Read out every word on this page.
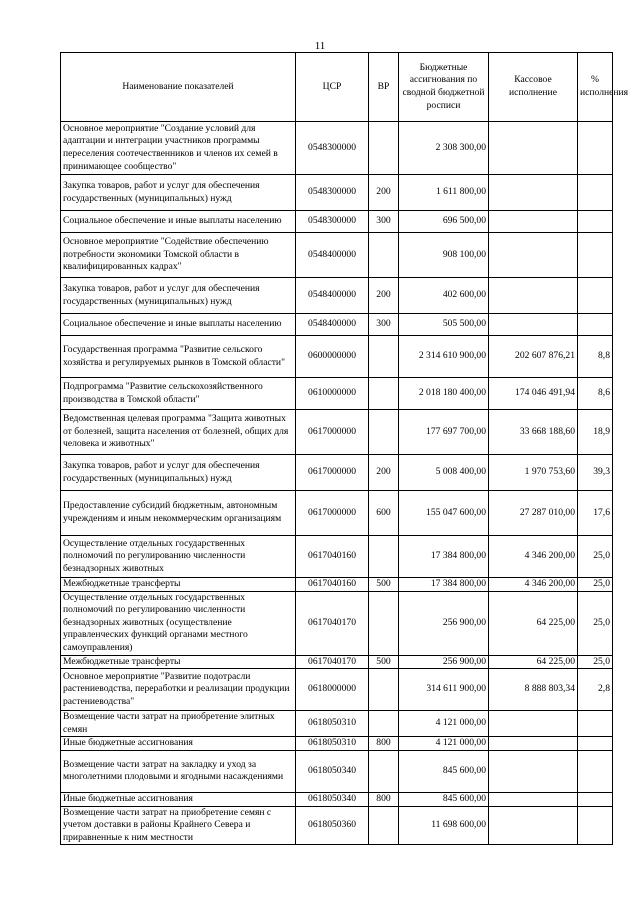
11
Наименование показателей	ЦСР	ВР	Бюджетные ассигнования по сводной бюджетной росписи	Кассовое исполнение	% исполнения
Основное мероприятие "Создание условий для адаптации и интеграции участников программы переселения соотечественников и членов их семей в принимающее сообщество"	0548300000		2 308 300,00		
Закупка товаров, работ и услуг для обеспечения государственных (муниципальных) нужд	0548300000	200	1 611 800,00		
Социальное обеспечение и иные выплаты населению	0548300000	300	696 500,00		
Основное мероприятие "Содействие обеспечению потребности экономики Томской области в квалифицированных кадрах"	0548400000		908 100,00		
Закупка товаров, работ и услуг для обеспечения государственных (муниципальных) нужд	0548400000	200	402 600,00		
Социальное обеспечение и иные выплаты населению	0548400000	300	505 500,00		
Государственная программа "Развитие сельского хозяйства и регулируемых рынков в Томской области"	0600000000		2 314 610 900,00	202 607 876,21	8,8
Подпрограмма "Развитие сельскохозяйственного производства в Томской области"	0610000000		2 018 180 400,00	174 046 491,94	8,6
Ведомственная целевая программа "Защита животных от болезней, защита населения от болезней, общих для человека и животных"	0617000000		177 697 700,00	33 668 188,60	18,9
Закупка товаров, работ и услуг для обеспечения государственных (муниципальных) нужд	0617000000	200	5 008 400,00	1 970 753,60	39,3
Предоставление субсидий бюджетным, автономным учреждениям и иным некоммерческим организациям	0617000000	600	155 047 600,00	27 287 010,00	17,6
Осуществление отдельных государственных полномочий по регулированию численности безнадзорных животных	0617040160		17 384 800,00	4 346 200,00	25,0
Межбюджетные трансферты	0617040160	500	17 384 800,00	4 346 200,00	25,0
Осуществление отдельных государственных полномочий по регулированию численности безнадзорных животных (осуществление управленческих функций органами местного самоуправления)	0617040170		256 900,00	64 225,00	25,0
Межбюджетные трансферты	0617040170	500	256 900,00	64 225,00	25,0
Основное мероприятие "Развитие подотрасли растениеводства, переработки и реализации продукции растениеводства"	0618000000		314 611 900,00	8 888 803,34	2,8
Возмещение части затрат на приобретение элитных семян	0618050310		4 121 000,00		
Иные бюджетные ассигнования	0618050310	800	4 121 000,00		
Возмещение части затрат на закладку и уход за многолетними плодовыми и ягодными насаждениями	0618050340		845 600,00		
Иные бюджетные ассигнования	0618050340	800	845 600,00		
Возмещение части затрат на приобретение семян с учетом доставки в районы Крайнего Севера и приравненные к ним местности	0618050360		11 698 600,00		
